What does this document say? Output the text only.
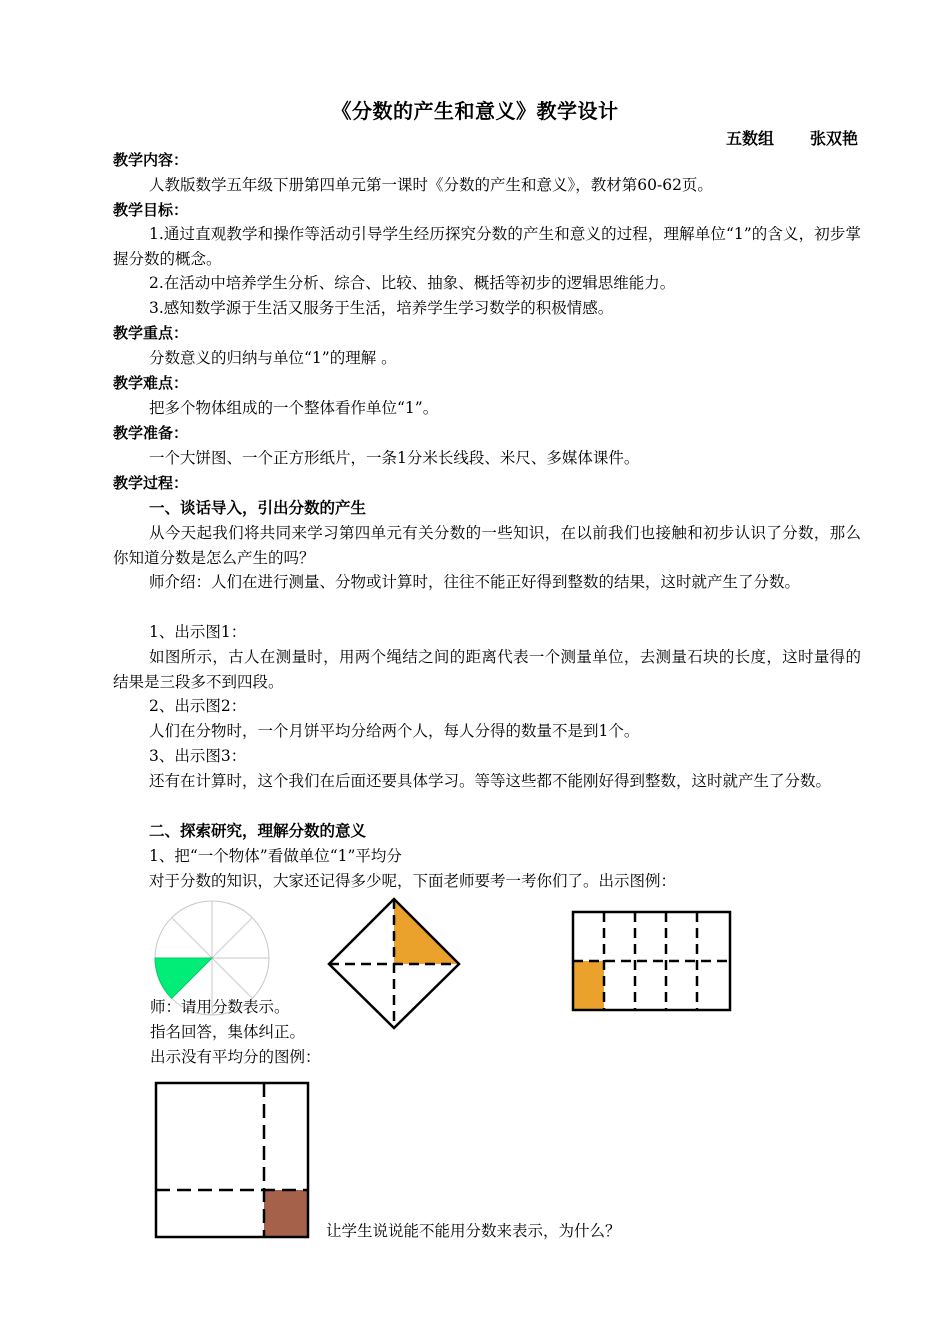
《分数的产生和意义》教学设计
五数组 张双艳
教学内容：
人教版数学五年级下册第四单元第一课时《分数的产生和意义》，教材第60-62页。
教学目标：
1.通过直观教学和操作等活动引导学生经历探究分数的产生和意义的过程，理解单位“1”的含义，初步掌握分数的概念。
2.在活动中培养学生分析、综合、比较、抽象、概括等初步的逻辑思维能力。
3.感知数学源于生活又服务于生活，培养学生学习数学的积极情感。
教学重点：
分数意义的归纳与单位“1”的理解 。
教学难点：
把多个物体组成的一个整体看作单位“1”。
教学准备：
一个大饼图、一个正方形纸片，一条1分米长线段、米尺、多媒体课件。
教学过程：
一、谈话导入，引出分数的产生
从今天起我们将共同来学习第四单元有关分数的一些知识，在以前我们也接触和初步认识了分数，那么你知道分数是怎么产生的吗？
师介绍：人们在进行测量、分物或计算时，往往不能正好得到整数的结果，这时就产生了分数。
1、出示图1：
如图所示，古人在测量时，用两个绳结之间的距离代表一个测量单位，去测量石块的长度，这时量得的结果是三段多不到四段。
2、出示图2：
人们在分物时，一个月饼平均分给两个人，每人分得的数量不是到1个。
3、出示图3：
还有在计算时，这个我们在后面还要具体学习。等等这些都不能刚好得到整数，这时就产生了分数。
二、探索研究，理解分数的意义
1、把“一个物体”看做单位“1”平均分
对于分数的知识，大家还记得多少呢，下面老师要考一考你们了。出示图例：
师：请用分数表示。
指名回答，集体纠正。
出示没有平均分的图例：
让学生说说能不能用分数来表示，为什么？
